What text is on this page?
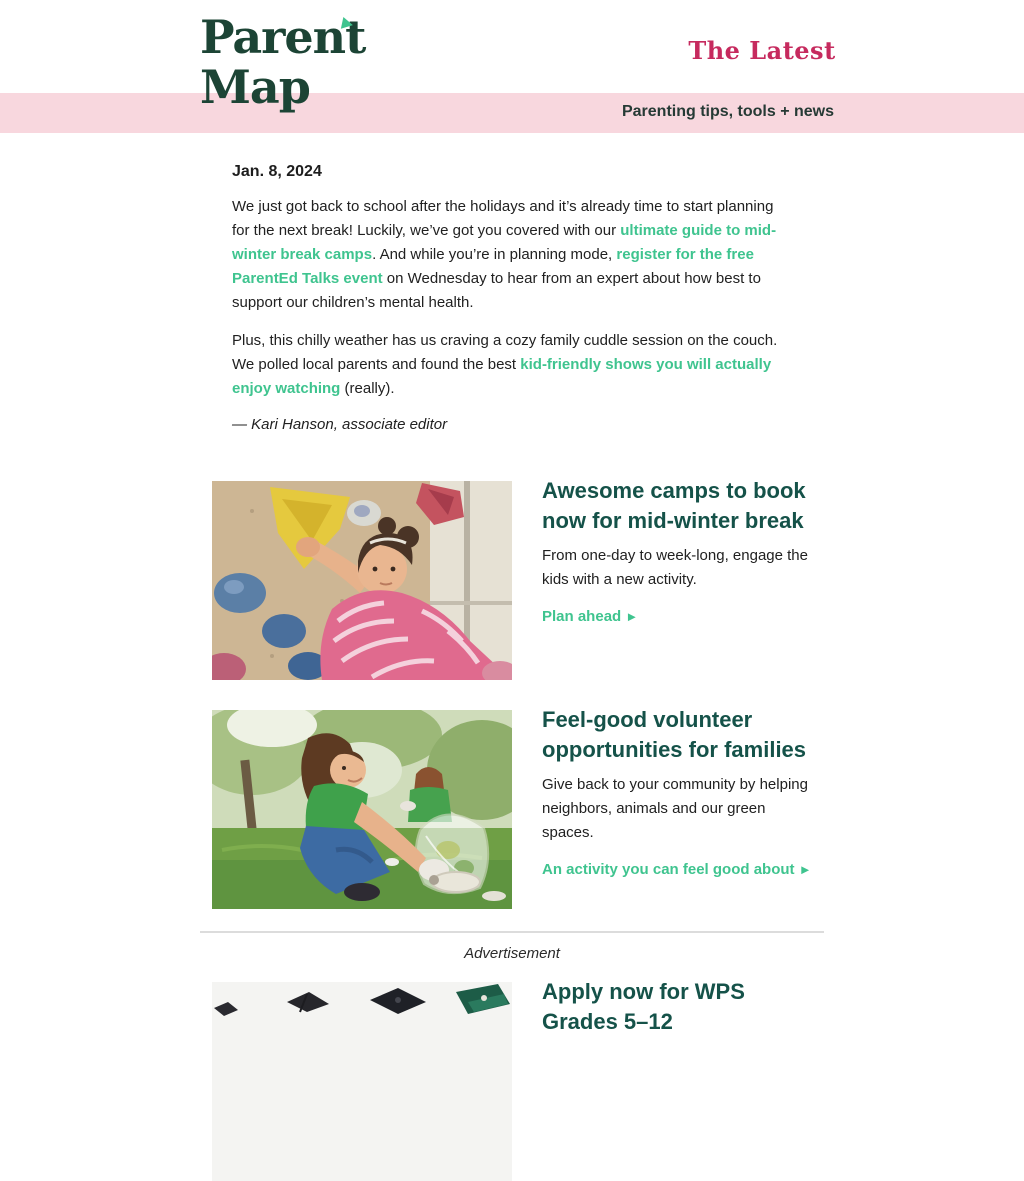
Parent
Map
The Latest
Parenting tips, tools + news
Jan. 8, 2024

We just got back to school after the holidays and it’s already time to start planning for the next break! Luckily, we’ve got you covered with our ultimate guide to mid-winter break camps. And while you’re in planning mode, register for the free ParentEd Talks event on Wednesday to hear from an expert about how best to support our children’s mental health.

Plus, this chilly weather has us craving a cozy family cuddle session on the couch. We polled local parents and found the best kid-friendly shows you will actually enjoy watching (really).

— Kari Hanson, associate editor
Awesome camps to book now for mid-winter break
From one-day to week-long, engage the kids with a new activity.
Plan ahead ►
Feel-good volunteer opportunities for families
Give back to your community by helping neighbors, animals and our green spaces.
An activity you can feel good about ►
Advertisement
Apply now for WPS Grades 5–12
